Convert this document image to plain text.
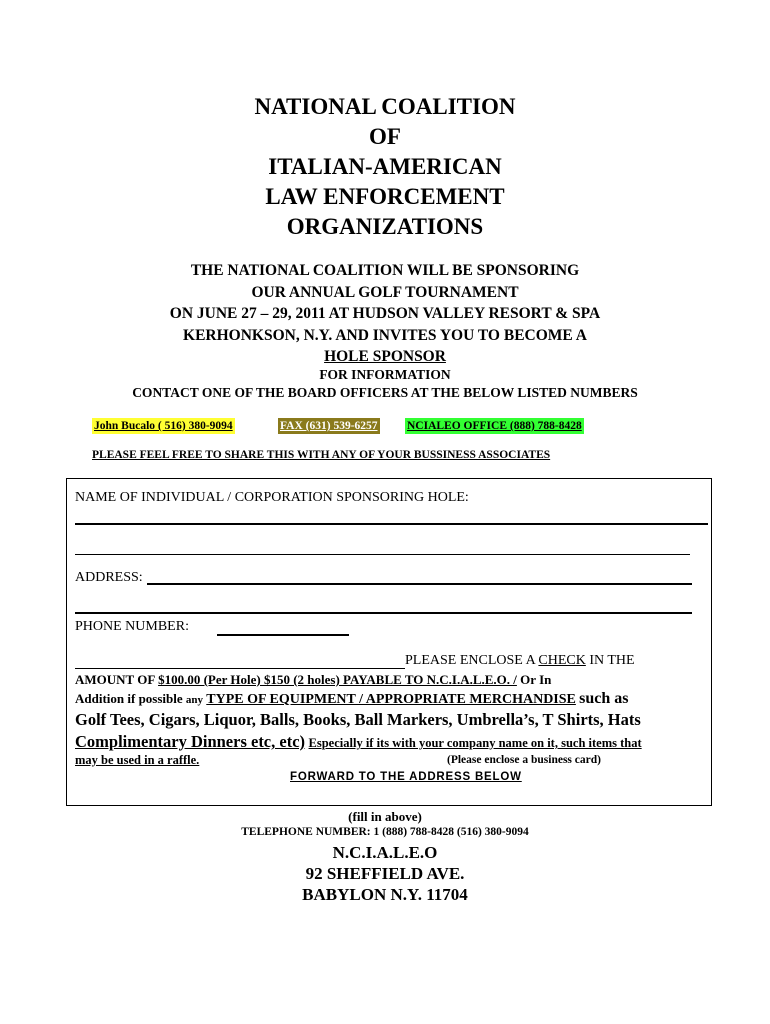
NATIONAL COALITION
OF
ITALIAN-AMERICAN
LAW ENFORCEMENT
ORGANIZATIONS
THE NATIONAL COALITION WILL BE SPONSORING
OUR ANNUAL GOLF TOURNAMENT
ON JUNE 27 – 29, 2011 AT HUDSON VALLEY RESORT & SPA
KERHONKSON, N.Y. AND INVITES YOU TO BECOME A
HOLE SPONSOR
FOR INFORMATION
CONTACT ONE OF THE BOARD OFFICERS AT THE BELOW LISTED NUMBERS
John Bucalo ( 516) 380-9094	FAX (631) 539-6257	NCIALEO OFFICE (888) 788-8428
PLEASE FEEL FREE TO SHARE THIS WITH ANY OF YOUR BUSSINESS ASSOCIATES
NAME OF INDIVIDUAL / CORPORATION SPONSORING HOLE:
ADDRESS:
PHONE NUMBER:
PLEASE ENCLOSE A CHECK IN THE
AMOUNT OF $100.00 (Per Hole) $150 (2 holes) PAYABLE TO N.C.I.A.L.E.O. / Or In
Addition if possible any TYPE OF EQUIPMENT / APPROPRIATE MERCHANDISE such as
Golf Tees, Cigars, Liquor, Balls, Books, Ball Markers, Umbrella’s, T Shirts, Hats
Complimentary Dinners etc, etc) Especially if its with your company name on it, such items that
may be used in a raffle.	(Please enclose a business card)
FORWARD TO THE ADDRESS BELOW
(fill in above)
TELEPHONE NUMBER: 1 (888) 788-8428 (516) 380-9094
N.C.I.A.L.E.O
92 SHEFFIELD AVE.
BABYLON N.Y. 11704
